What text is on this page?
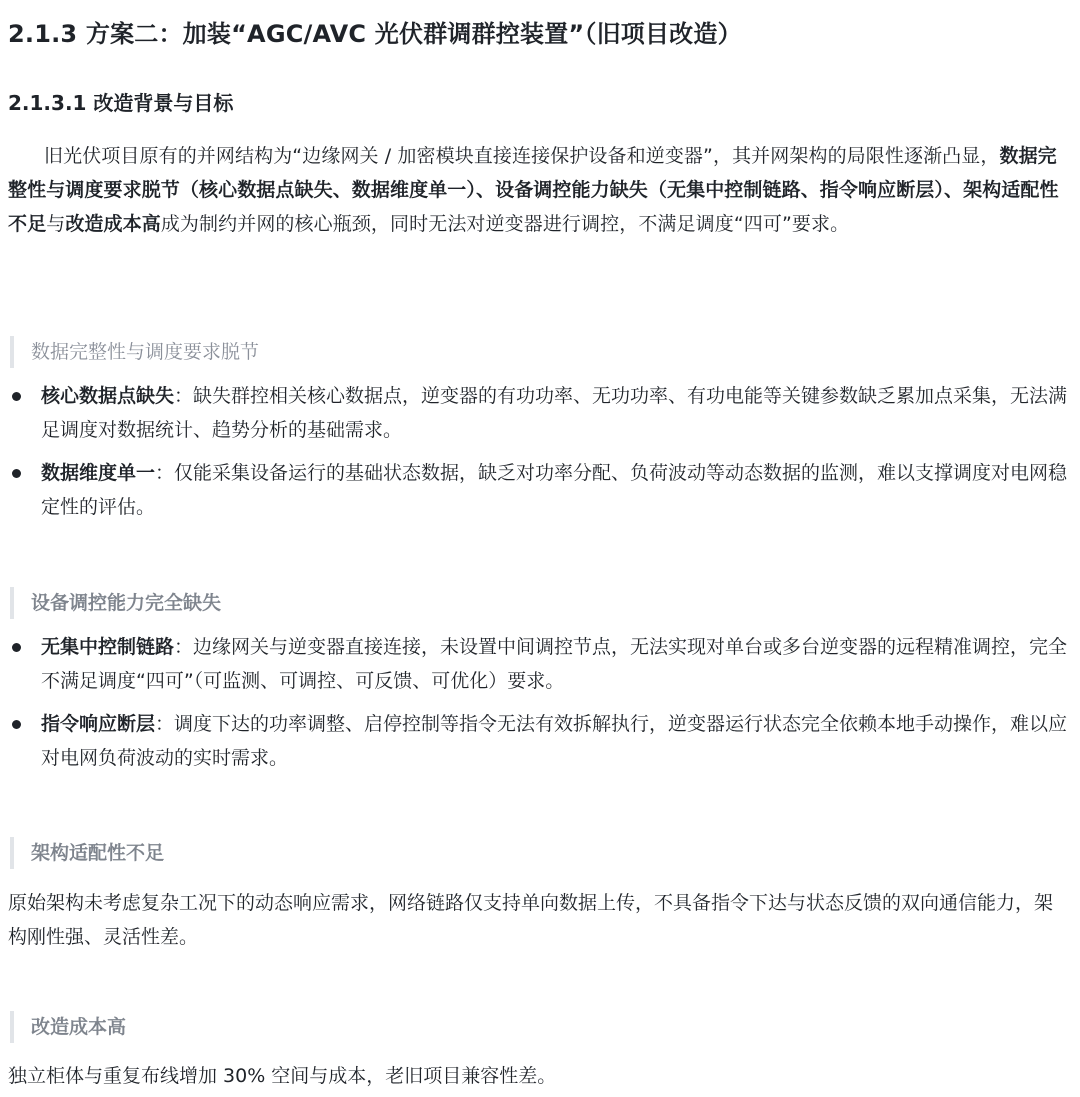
2.1.3 方案二：加装“AGC/AVC 光伏群调群控装置”（旧项目改造）
2.1.3.1 改造背景与目标

旧光伏项目原有的并网结构为“边缘网关 / 加密模块直接连接保护设备和逆变器”，其并网架构的局限性逐渐凸显，数据完整性与调度要求脱节（核心数据点缺失、数据维度单一）、设备调控能力缺失（无集中控制链路、指令响应断层）、架构适配性不足与改造成本高成为制约并网的核心瓶颈，同时无法对逆变器进行调控，不满足调度“四可”要求。

数据完整性与调度要求脱节
核心数据点缺失：缺失群控相关核心数据点，逆变器的有功功率、无功功率、有功电能等关键参数缺乏累加点采集，无法满足调度对数据统计、趋势分析的基础需求。
数据维度单一：仅能采集设备运行的基础状态数据，缺乏对功率分配、负荷波动等动态数据的监测，难以支撑调度对电网稳定性的评估。
设备调控能力完全缺失
无集中控制链路：边缘网关与逆变器直接连接，未设置中间调控节点，无法实现对单台或多台逆变器的远程精准调控，完全不满足调度“四可”（可监测、可调控、可反馈、可优化）要求。
指令响应断层：调度下达的功率调整、启停控制等指令无法有效拆解执行，逆变器运行状态完全依赖本地手动操作，难以应对电网负荷波动的实时需求。
架构适配性不足

原始架构未考虑复杂工况下的动态响应需求，网络链路仅支持单向数据上传，不具备指令下达与状态反馈的双向通信能力，架构刚性强、灵活性差。

改造成本高

独立柜体与重复布线增加 30% 空间与成本，老旧项目兼容性差。
